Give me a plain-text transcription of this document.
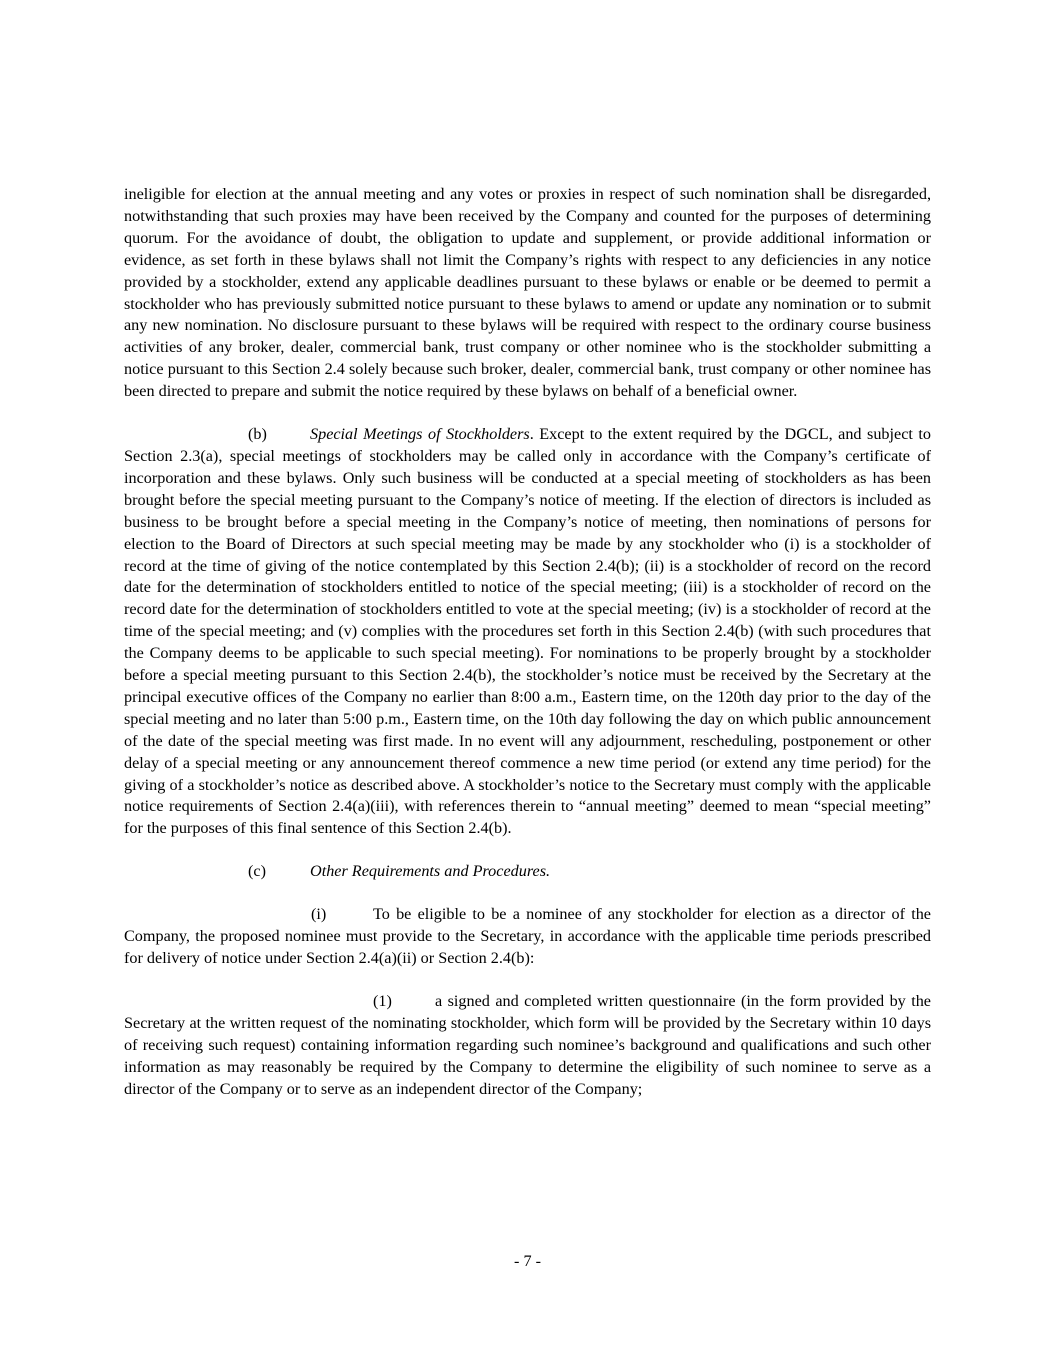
ineligible for election at the annual meeting and any votes or proxies in respect of such nomination shall be disregarded, notwithstanding that such proxies may have been received by the Company and counted for the purposes of determining quorum. For the avoidance of doubt, the obligation to update and supplement, or provide additional information or evidence, as set forth in these bylaws shall not limit the Company’s rights with respect to any deficiencies in any notice provided by a stockholder, extend any applicable deadlines pursuant to these bylaws or enable or be deemed to permit a stockholder who has previously submitted notice pursuant to these bylaws to amend or update any nomination or to submit any new nomination. No disclosure pursuant to these bylaws will be required with respect to the ordinary course business activities of any broker, dealer, commercial bank, trust company or other nominee who is the stockholder submitting a notice pursuant to this Section 2.4 solely because such broker, dealer, commercial bank, trust company or other nominee has been directed to prepare and submit the notice required by these bylaws on behalf of a beneficial owner.

(b)	Special Meetings of Stockholders. Except to the extent required by the DGCL, and subject to Section 2.3(a), special meetings of stockholders may be called only in accordance with the Company’s certificate of incorporation and these bylaws. Only such business will be conducted at a special meeting of stockholders as has been brought before the special meeting pursuant to the Company’s notice of meeting. If the election of directors is included as business to be brought before a special meeting in the Company’s notice of meeting, then nominations of persons for election to the Board of Directors at such special meeting may be made by any stockholder who (i) is a stockholder of record at the time of giving of the notice contemplated by this Section 2.4(b); (ii) is a stockholder of record on the record date for the determination of stockholders entitled to notice of the special meeting; (iii) is a stockholder of record on the record date for the determination of stockholders entitled to vote at the special meeting; (iv) is a stockholder of record at the time of the special meeting; and (v) complies with the procedures set forth in this Section 2.4(b) (with such procedures that the Company deems to be applicable to such special meeting). For nominations to be properly brought by a stockholder before a special meeting pursuant to this Section 2.4(b), the stockholder’s notice must be received by the Secretary at the principal executive offices of the Company no earlier than 8:00 a.m., Eastern time, on the 120th day prior to the day of the special meeting and no later than 5:00 p.m., Eastern time, on the 10th day following the day on which public announcement of the date of the special meeting was first made. In no event will any adjournment, rescheduling, postponement or other delay of a special meeting or any announcement thereof commence a new time period (or extend any time period) for the giving of a stockholder’s notice as described above. A stockholder’s notice to the Secretary must comply with the applicable notice requirements of Section 2.4(a)(iii), with references therein to “annual meeting” deemed to mean “special meeting” for the purposes of this final sentence of this Section 2.4(b).

(c)	Other Requirements and Procedures.

(i)	To be eligible to be a nominee of any stockholder for election as a director of the Company, the proposed nominee must provide to the Secretary, in accordance with the applicable time periods prescribed for delivery of notice under Section 2.4(a)(ii) or Section 2.4(b):

(1)	a signed and completed written questionnaire (in the form provided by the Secretary at the written request of the nominating stockholder, which form will be provided by the Secretary within 10 days of receiving such request) containing information regarding such nominee’s background and qualifications and such other information as may reasonably be required by the Company to determine the eligibility of such nominee to serve as a director of the Company or to serve as an independent director of the Company;

- 7 -
